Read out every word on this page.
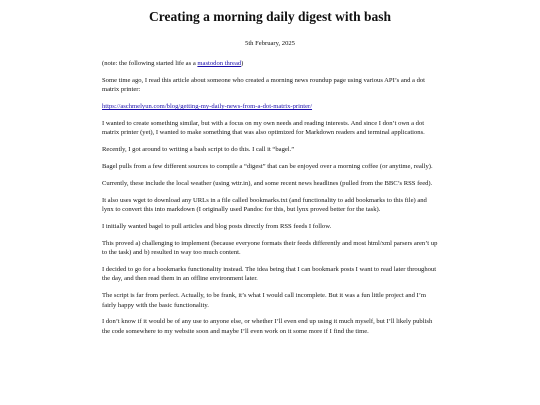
Creating a morning daily digest with bash
5th February, 2025

(note: the following started life as a mastodon thread)

Some time ago, I read this article about someone who created a morning news roundup page using various API’s and a dot matrix printer:

https://aschmelyun.com/blog/getting-my-daily-news-from-a-dot-matrix-printer/

I wanted to create something similar, but with a focus on my own needs and reading interests. And since I don’t own a dot matrix printer (yet), I wanted to make something that was also optimized for Markdown readers and terminal applications.

Recently, I got around to writing a bash script to do this. I call it “bagel.”

Bagel pulls from a few different sources to compile a “digest” that can be enjoyed over a morning coffee (or anytime, really).

Currently, these include the local weather (using wttr.in), and some recent news headlines (pulled from the BBC’s RSS feed).

It also uses wget to download any URLs in a file called bookmarks.txt (and functionality to add bookmarks to this file) and lynx to convert this into markdown (I originally used Pandoc for this, but lynx proved better for the task).

I initially wanted bagel to pull articles and blog posts directly from RSS feeds I follow.

This proved a) challenging to implement (because everyone formats their feeds differently and most html/xml parsers aren’t up to the task) and b) resulted in way too much content.

I decided to go for a bookmarks functionality instead. The idea being that I can bookmark posts I want to read later throughout the day, and then read them in an offline environment later.

The script is far from perfect. Actually, to be frank, it’s what I would call incomplete. But it was a fun little project and I’m fairly happy with the basic functionality.

I don’t know if it would be of any use to anyone else, or whether I’ll even end up using it much myself, but I’ll likely publish the code somewhere to my website soon and maybe I’ll even work on it some more if I find the time.
